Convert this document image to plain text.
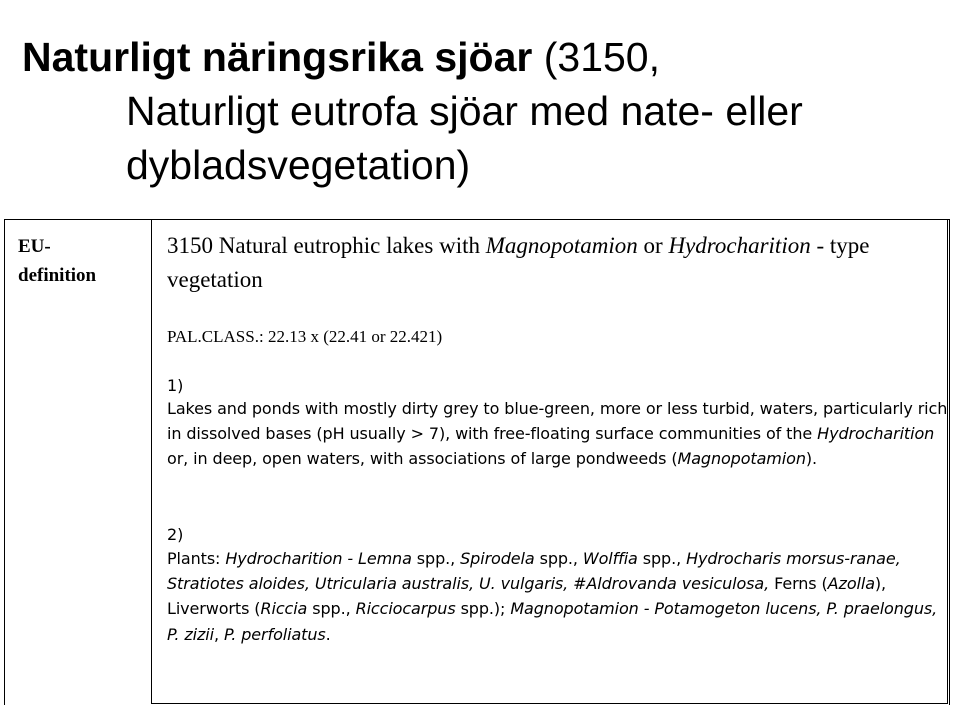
Naturligt näringsrika sjöar (3150,
Naturligt eutrofa sjöar med nate- eller
dybladsvegetation)
EU-
definition
3150 Natural eutrophic lakes with Magnopotamion or Hydrocharition - type vegetation
PAL.CLASS.: 22.13 x (22.41 or 22.421)
1)
Lakes and ponds with mostly dirty grey to blue-green, more or less turbid, waters, particularly rich in dissolved bases (pH usually > 7), with free-floating surface communities of the Hydrocharition or, in deep, open waters, with associations of large pondweeds (Magnopotamion).
2)
Plants: Hydrocharition - Lemna spp., Spirodela spp., Wolffia spp., Hydrocharis morsus-ranae, Stratiotes aloides, Utricularia australis, U. vulgaris, #Aldrovanda vesiculosa, Ferns (Azolla),
Liverworts (Riccia spp., Ricciocarpus spp.); Magnopotamion - Potamogeton lucens, P. praelongus, P. zizii, P. perfoliatus.
